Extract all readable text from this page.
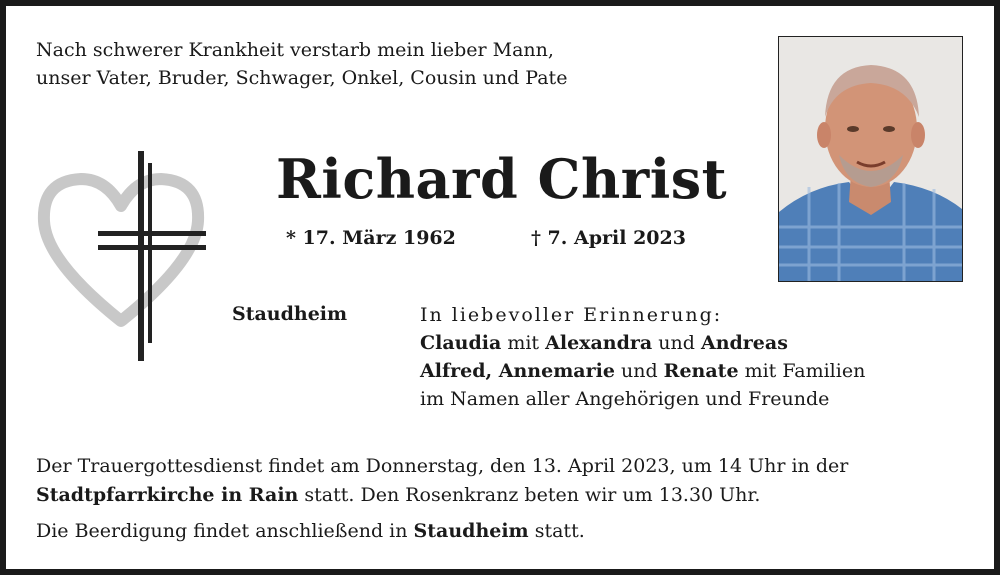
Nach schwerer Krankheit verstarb mein lieber Mann,
unser Vater, Bruder, Schwager, Onkel, Cousin und Pate
Richard Christ
* 17. März 1962	† 7. April 2023
Staudheim	In liebevoller Erinnerung:
Claudia mit Alexandra und Andreas
Alfred, Annemarie und Renate mit Familien
im Namen aller Angehörigen und Freunde
Der Trauergottesdienst findet am Donnerstag, den 13. April 2023, um 14 Uhr in der
Stadtpfarrkirche in Rain statt. Den Rosenkranz beten wir um 13.30 Uhr.
Die Beerdigung findet anschließend in Staudheim statt.
